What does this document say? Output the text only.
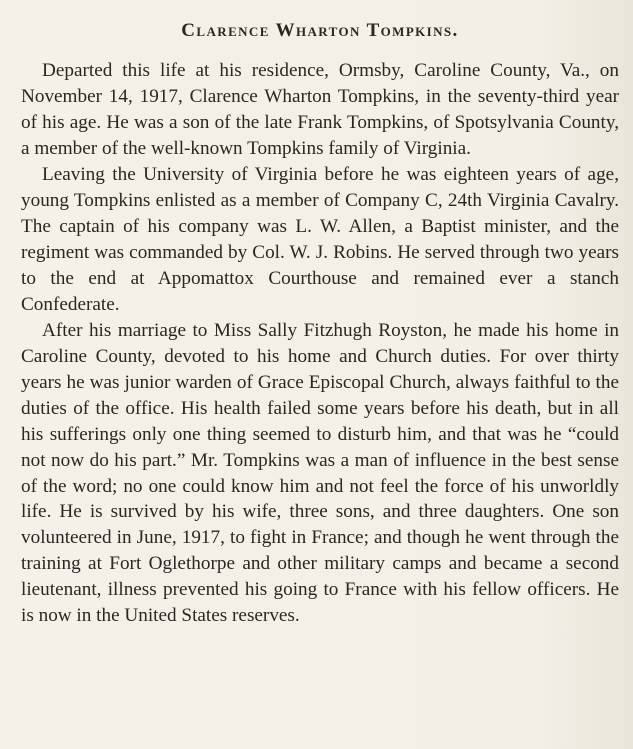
Clarence Wharton Tompkins.

Departed this life at his residence, Ormsby, Caroline County, Va., on November 14, 1917, Clarence Wharton Tompkins, in the seventy-third year of his age. He was a son of the late Frank Tompkins, of Spotsylvania County, a member of the well-known Tompkins family of Virginia.

Leaving the University of Virginia before he was eighteen years of age, young Tompkins enlisted as a member of Company C, 24th Virginia Cavalry. The captain of his company was L. W. Allen, a Baptist minister, and the regiment was commanded by Col. W. J. Robins. He served through two years to the end at Appomattox Courthouse and remained ever a stanch Confederate.

After his marriage to Miss Sally Fitzhugh Royston, he made his home in Caroline County, devoted to his home and Church duties. For over thirty years he was junior warden of Grace Episcopal Church, always faithful to the duties of the office. His health failed some years before his death, but in all his sufferings only one thing seemed to disturb him, and that was he “could not now do his part.” Mr. Tompkins was a man of influence in the best sense of the word; no one could know him and not feel the force of his unworldly life. He is survived by his wife, three sons, and three daughters. One son volunteered in June, 1917, to fight in France; and though he went through the training at Fort Oglethorpe and other military camps and became a second lieutenant, illness prevented his going to France with his fellow officers. He is now in the United States reserves.
